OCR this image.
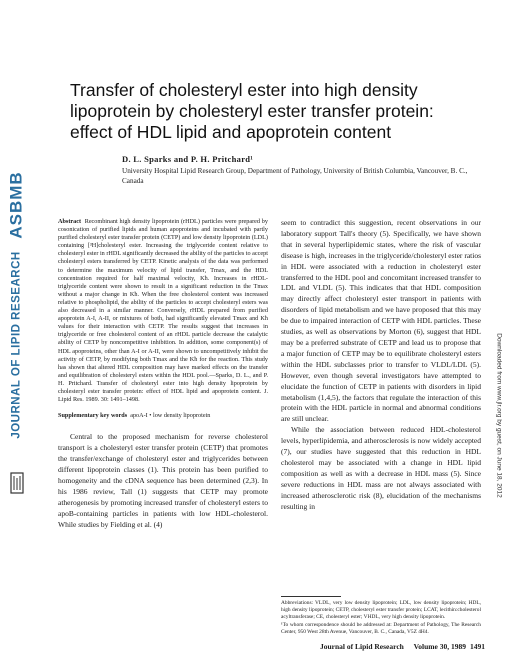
ASBMB
JOURNAL OF LIPID RESEARCH	Downloaded from www.jlr.org by guest, on June 18, 2012
Transfer of cholesteryl ester into high density lipoprotein by cholesteryl ester transfer protein: effect of HDL lipid and apoprotein content
D. L. Sparks and P. H. Pritchard¹
University Hospital Lipid Research Group, Department of Pathology, University of British Columbia, Vancouver, B. C., Canada

Abstract Recombinant high density lipoprotein (rHDL) particles were prepared by cosonication of purified lipids and human apoproteins and incubated with partly purified cholesteryl ester transfer protein (CETP) and low density lipoprotein (LDL) containing [³H]cholesteryl ester. Increasing the triglyceride content relative to cholesteryl ester in rHDL significantly decreased the ability of the particles to accept cholesteryl esters transferred by CETP. Kinetic analysis of the data was performed to determine the maximum velocity of lipid transfer, Tmax, and the HDL concentration required for half maximal velocity, Kħ. Increases in rHDL-triglyceride content were shown to result in a significant reduction in the Tmax without a major change in Kħ. When the free cholesterol content was increased relative to phospholipid, the ability of the particles to accept cholesteryl esters was also decreased in a similar manner. Conversely, rHDL prepared from purified apoprotein A-I, A-II, or mixtures of both, had significantly elevated Tmax and Kħ values for their interaction with CETP. The results suggest that increases in triglyceride or free cholesterol content of an rHDL particle decrease the catalytic ability of CETP by noncompetitive inhibition. In addition, some component(s) of HDL apoproteins, other than A-I or A-II, were shown to uncompetitively inhibit the activity of CETP, by modifying both Tmax and the Kħ for the reaction. This study has shown that altered HDL composition may have marked effects on the transfer and equilibration of cholesteryl esters within the HDL pool.—Sparks, D. L., and P. H. Pritchard. Transfer of cholesteryl ester into high density lipoprotein by cholesteryl ester transfer protein: effect of HDL lipid and apoprotein content. J. Lipid Res. 1989. 30: 1491–1498.

Supplementary key words apoA-I • low density lipoprotein

Central to the proposed mechanism for reverse cholesterol transport is a cholesteryl ester transfer protein (CETP) that promotes the transfer/exchange of cholesteryl ester and triglycerides between different lipoprotein classes (1). This protein has been purified to homogeneity and the cDNA sequence has been determined (2,3). In his 1986 review, Tall (1) suggests that CETP may promote atherogenesis by promoting increased transfer of cholesteryl esters to apoB-containing particles in patients with low HDL-cholesterol. While studies by Fielding et al. (4)

seem to contradict this suggestion, recent observations in our laboratory support Tall's theory (5). Specifically, we have shown that in several hyperlipidemic states, where the risk of vascular disease is high, increases in the triglyceride/cholesteryl ester ratios in HDL were associated with a reduction in cholesteryl ester transferred to the HDL pool and concomitant increased transfer to LDL and VLDL (5). This indicates that that HDL composition may directly affect cholesteryl ester transport in patients with disorders of lipid metabolism and we have proposed that this may be due to impaired interaction of CETP with HDL particles. These studies, as well as observations by Morton (6), suggest that HDL may be a preferred substrate of CETP and lead us to propose that a major function of CETP may be to equilibrate cholesteryl esters within the HDL subclasses prior to transfer to VLDL/LDL (5). However, even though several investigators have attempted to elucidate the function of CETP in patients with disorders in lipid metabolism (1,4,5), the factors that regulate the interaction of this protein with the HDL particle in normal and abnormal conditions are still unclear.

While the association between reduced HDL-cholesterol levels, hyperlipidemia, and atherosclerosis is now widely accepted (7), our studies have suggested that this reduction in HDL cholesterol may be associated with a change in HDL lipid composition as well as with a decrease in HDL mass (5). Since severe reductions in HDL mass are not always associated with increased atherosclerotic risk (8), elucidation of the mechanisms resulting in

Abbreviations: VLDL, very low density lipoprotein; LDL, low density lipoprotein; HDL, high density lipoprotein; CETP, cholesteryl ester transfer protein; LCAT, lecithin:cholesterol acyltransferase; CE, cholesteryl ester; VHDL, very high density lipoprotein.

¹To whom correspondence should be addressed at: Department of Pathology, The Research Center, 950 West 28th Avenue, Vancouver, B. C., Canada, V5Z 4H4.

Journal of Lipid Research Volume 30, 1989 1491
